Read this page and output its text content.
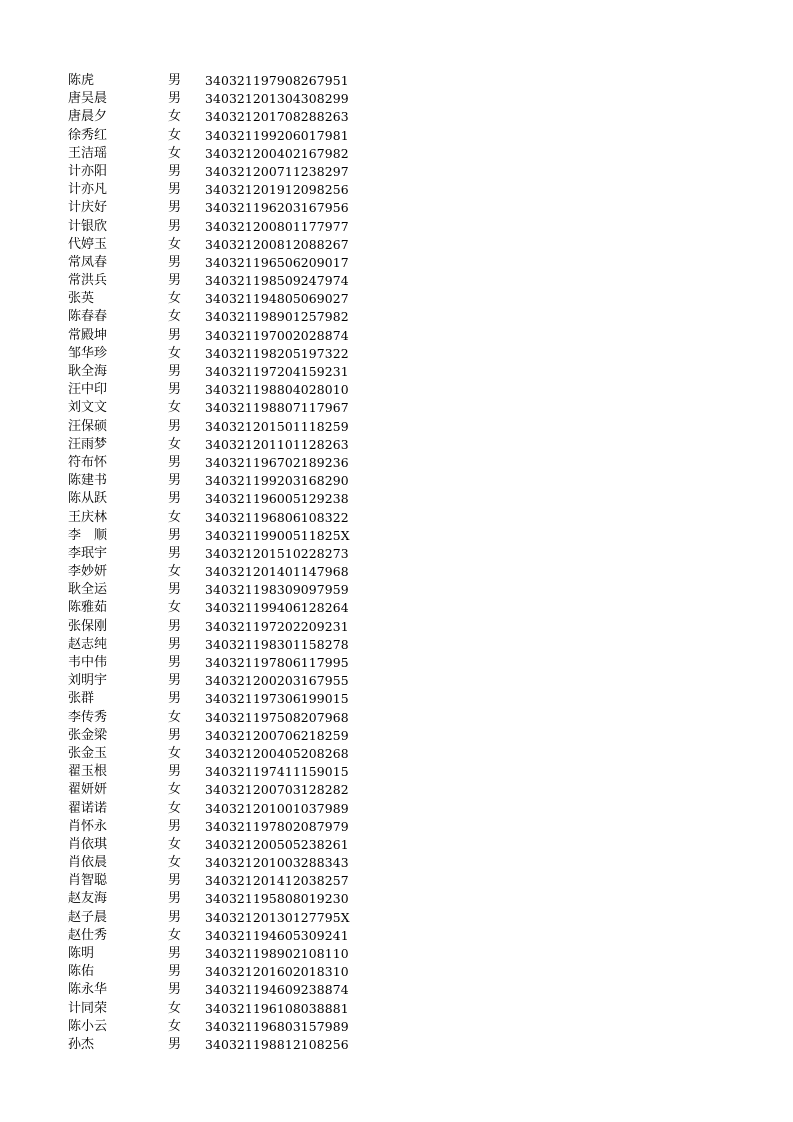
陈虎	男	340321197908267951
唐吴晨	男	340321201304308299
唐晨夕	女	340321201708288263
徐秀红	女	340321199206017981
王洁瑶	女	340321200402167982
计亦阳	男	340321200711238297
计亦凡	男	340321201912098256
计庆好	男	340321196203167956
计银欣	男	340321200801177977
代婷玉	女	340321200812088267
常凤春	男	340321196506209017
常洪兵	男	340321198509247974
张英	女	340321194805069027
陈春春	女	340321198901257982
常殿坤	男	340321197002028874
邹华珍	女	340321198205197322
耿全海	男	340321197204159231
汪中印	男	340321198804028010
刘文文	女	340321198807117967
汪保硕	男	340321201501118259
汪雨梦	女	340321201101128263
符布怀	男	340321196702189236
陈建书	男	340321199203168290
陈从跃	男	340321196005129238
王庆林	女	340321196806108322
李　顺	男	34032119900511825X
李珉宇	男	340321201510228273
李妙妍	女	340321201401147968
耿全运	男	340321198309097959
陈雅茹	女	340321199406128264
张保刚	男	340321197202209231
赵志纯	男	340321198301158278
韦中伟	男	340321197806117995
刘明宇	男	340321200203167955
张群	男	340321197306199015
李传秀	女	340321197508207968
张金梁	男	340321200706218259
张金玉	女	340321200405208268
翟玉根	男	340321197411159015
翟妍妍	女	340321200703128282
翟诺诺	女	340321201001037989
肖怀永	男	340321197802087979
肖依琪	女	340321200505238261
肖依晨	女	340321201003288343
肖智聪	男	340321201412038257
赵友海	男	340321195808019230
赵子晨	男	34032120130127795X
赵仕秀	女	340321194605309241
陈明	男	340321198902108110
陈佑	男	340321201602018310
陈永华	男	340321194609238874
计同荣	女	340321196108038881
陈小云	女	340321196803157989
孙杰	男	340321198812108256
